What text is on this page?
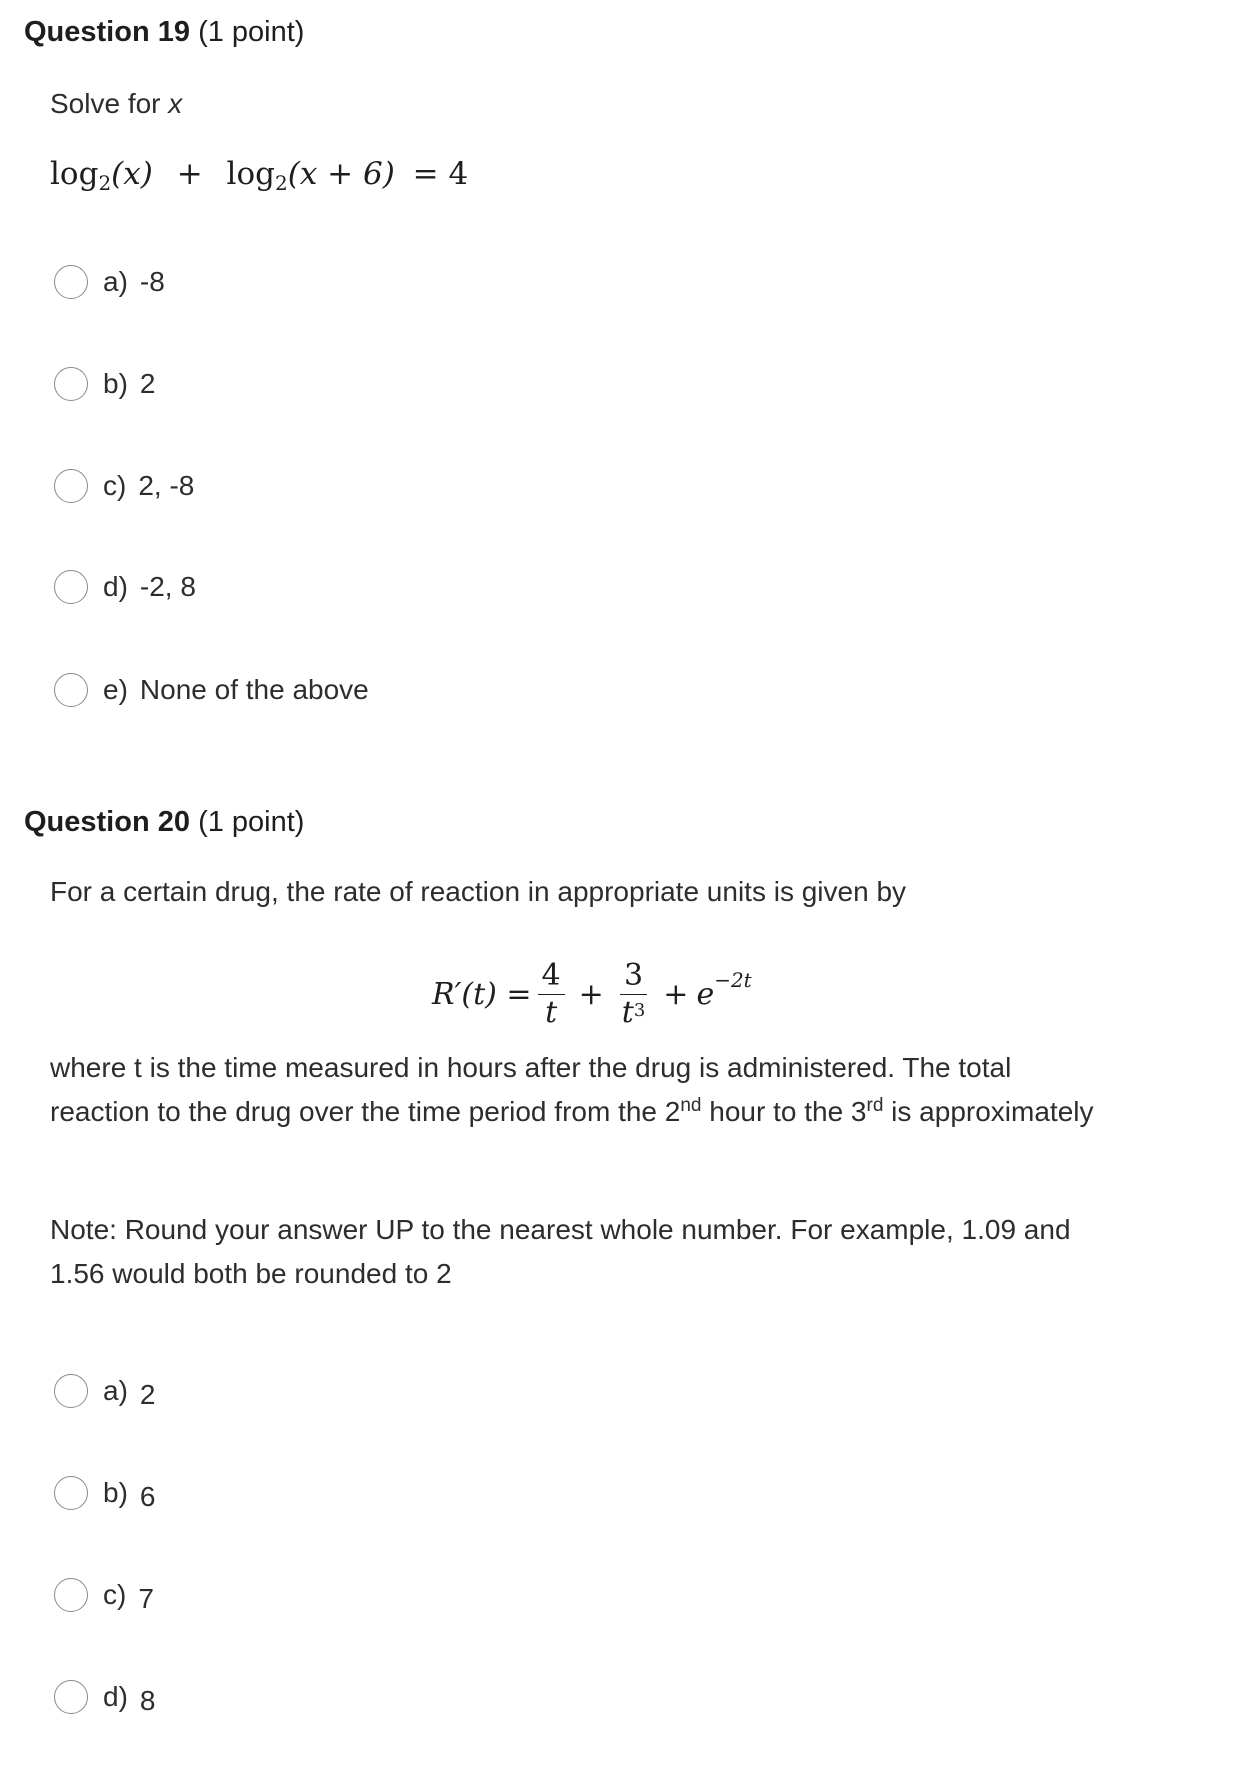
Question 19 (1 point)
Solve for x
$\log_2(x) + \log_2(x + 6) = 4$
a) -8
b) 2
c) 2, -8
d) -2, 8
e) None of the above
Question 20 (1 point)
For a certain drug, the rate of reaction in appropriate units is given by
$R'(t) = \frac{4}{t} + \frac{3}{t^3} + e -2t$
where t is the time measured in hours after the drug is administered. The total reaction to the drug over the time period from the 2nd hour to the 3rd is approximately
Note: Round your answer UP to the nearest whole number. For example, 1.09 and 1.56 would both be rounded to 2
a) 2
b) 6
c) 7
d) 8
